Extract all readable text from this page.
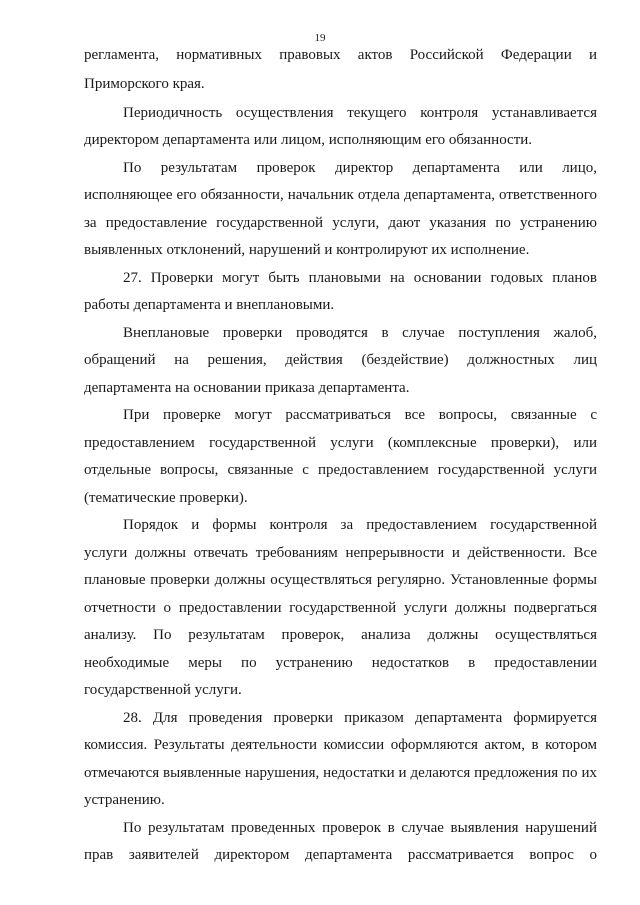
19
регламента, нормативных правовых актов Российской Федерации и
Приморского края.
Периодичность осуществления текущего контроля устанавливается
директором департамента или лицом, исполняющим его обязанности.
По результатам проверок директор департамента или лицо,
исполняющее его обязанности, начальник отдела департамента, ответственного
за предоставление государственной услуги, дают указания по устранению
выявленных отклонений, нарушений и контролируют их исполнение.
27. Проверки могут быть плановыми на основании годовых планов
работы департамента и внеплановыми.
Внеплановые проверки проводятся в случае поступления жалоб,
обращений на решения, действия (бездействие) должностных лиц
департамента на основании приказа департамента.
При проверке могут рассматриваться все вопросы, связанные с
предоставлением государственной услуги (комплексные проверки), или
отдельные вопросы, связанные с предоставлением государственной услуги
(тематические проверки).
Порядок и формы контроля за предоставлением государственной
услуги должны отвечать требованиям непрерывности и действенности. Все
плановые проверки должны осуществляться регулярно. Установленные формы
отчетности о предоставлении государственной услуги должны подвергаться
анализу. По результатам проверок, анализа должны осуществляться
необходимые меры по устранению недостатков в предоставлении
государственной услуги.
28. Для проведения проверки приказом департамента формируется
комиссия. Результаты деятельности комиссии оформляются актом, в котором
отмечаются выявленные нарушения, недостатки и делаются предложения по их
устранению.
По результатам проведенных проверок в случае выявления нарушений
прав заявителей директором департамента рассматривается вопрос о
